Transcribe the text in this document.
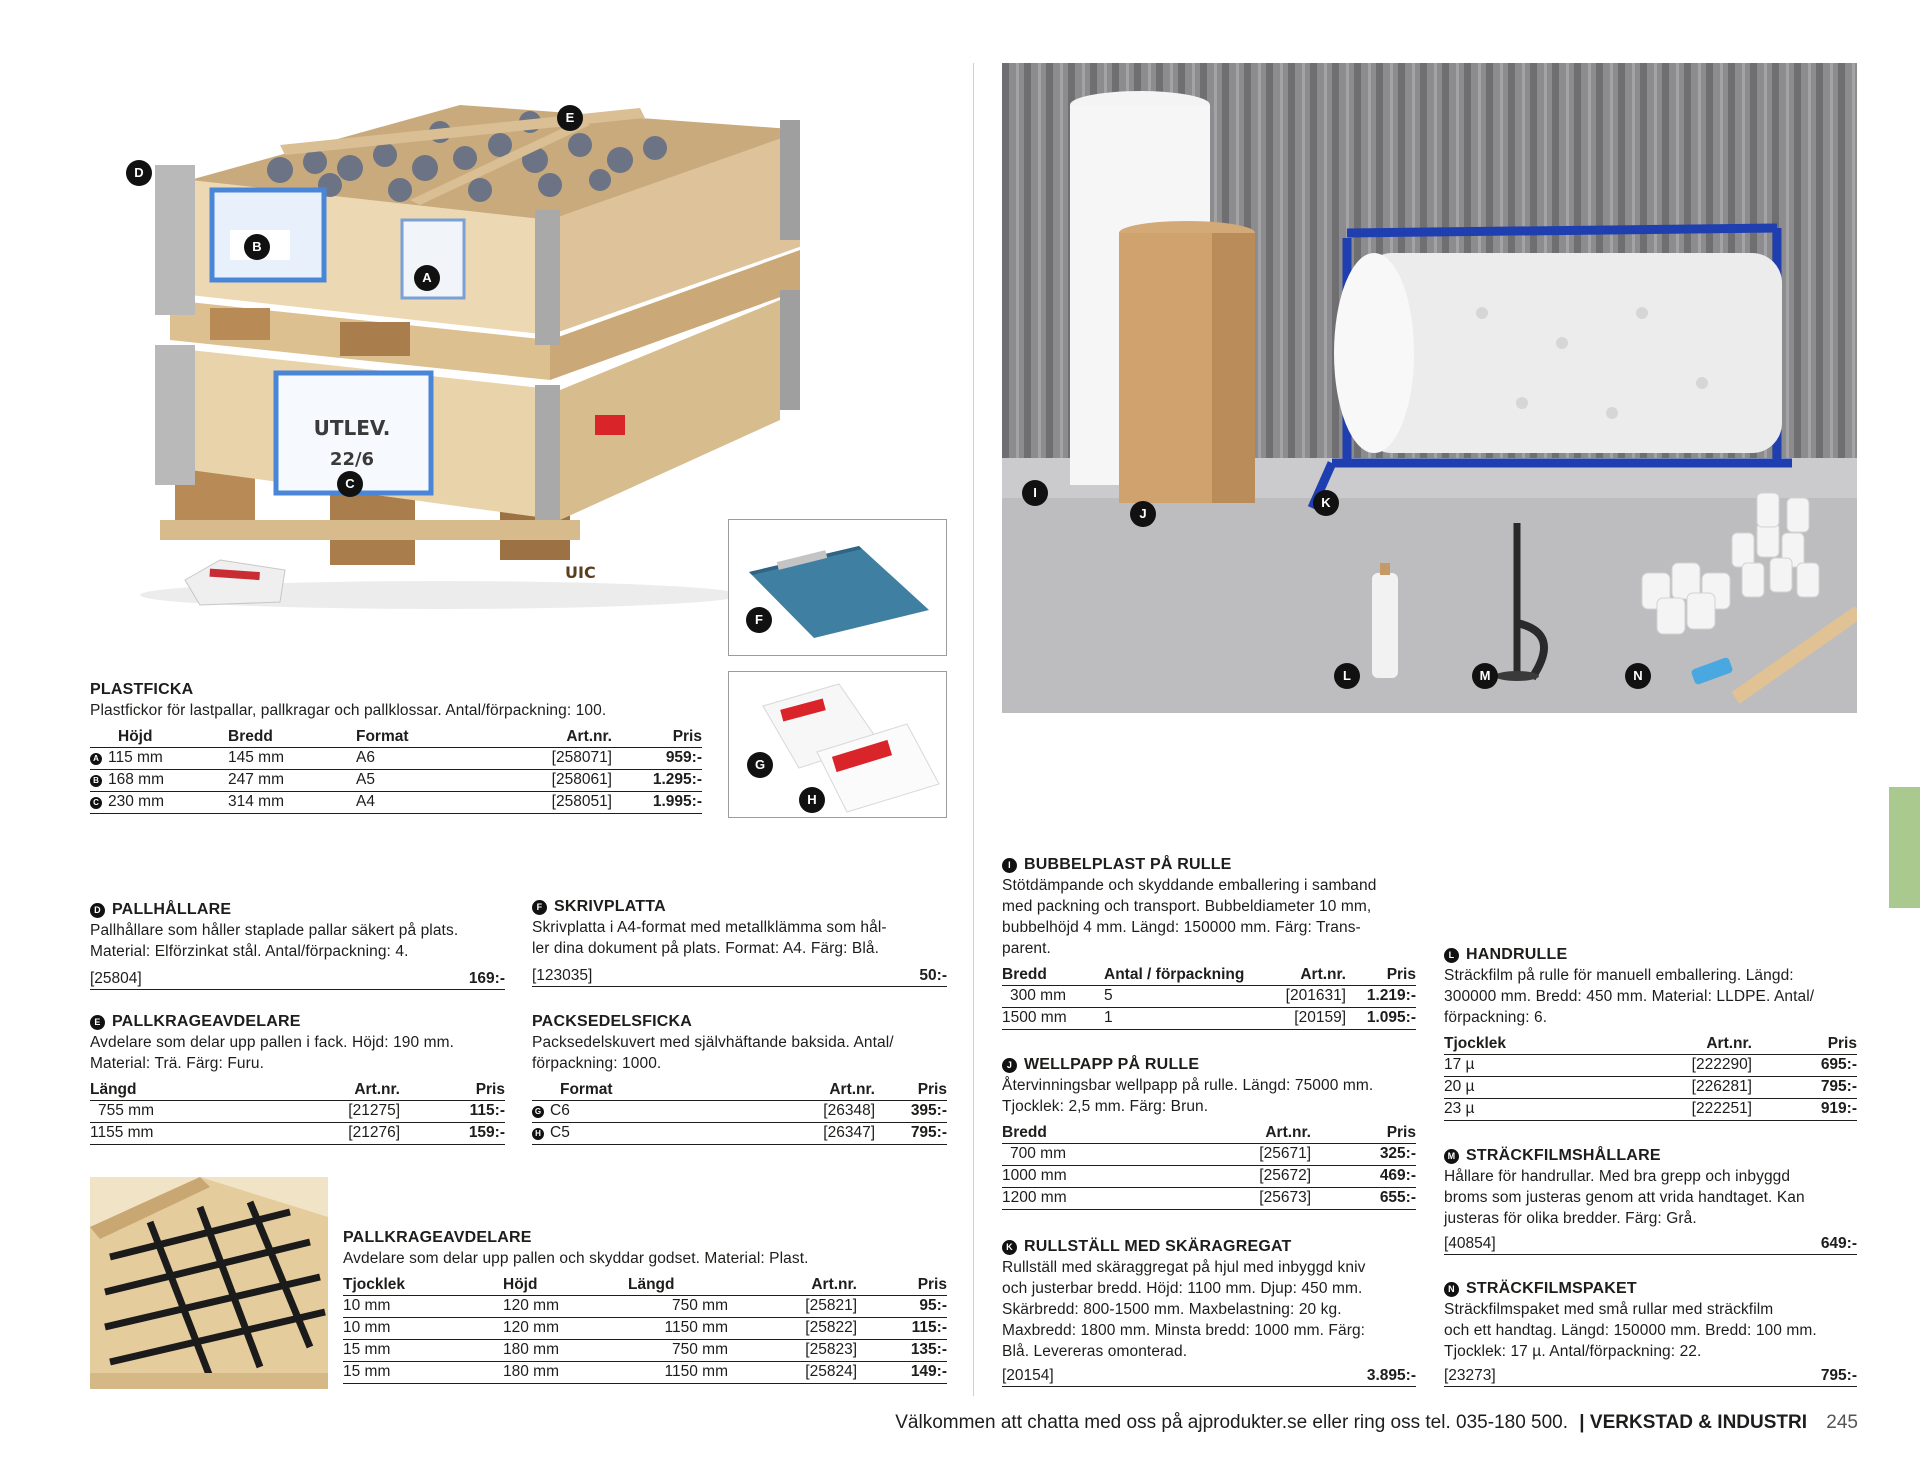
UTLEV.
22/6
UIC
D
E
B
A
C
F
G
H
PLASTFICKA
Plastfickor för lastpallar, pallkragar och pallklossar. Antal/förpackning: 100.
Höjd	Bredd	Format	Art.nr.	Pris
A 115 mm	145 mm	A6	[258071]	959:-
B 168 mm	247 mm	A5	[258061]	1.295:-
C 230 mm	314 mm	A4	[258051]	1.995:-
D PALLHÅLLARE
Pallhållare som håller staplade pallar säkert på plats.
Material: Elförzinkat stål. Antal/förpackning: 4.
[25804]	169:-
F SKRIVPLATTA
Skrivplatta i A4-format med metallklämma som hål-
ler dina dokument på plats. Format: A4. Färg: Blå.
[123035]	50:-
E PALLKRAGEAVDELARE
Avdelare som delar upp pallen i fack. Höjd: 190 mm.
Material: Trä. Färg: Furu.
Längd	Art.nr.	Pris
755 mm	[21275]	115:-
1155 mm	[21276]	159:-
PACKSEDELSFICKA
Packsedelskuvert med självhäftande baksida. Antal/
förpackning: 1000.
Format	Art.nr.	Pris
G C6	[26348]	395:-
H C5	[26347]	795:-
PALLKRAGEAVDELARE
Avdelare som delar upp pallen och skyddar godset. Material: Plast.
Tjocklek	Höjd	Längd	Art.nr.	Pris
10 mm	120 mm	750 mm	[25821]	95:-
10 mm	120 mm	1150 mm	[25822]	115:-
15 mm	180 mm	750 mm	[25823]	135:-
15 mm	180 mm	1150 mm	[25824]	149:-
I
J
K
L	M	N
I BUBBELPLAST PÅ RULLE
Stötdämpande och skyddande emballering i samband
med packning och transport. Bubbeldiameter 10 mm,
bubbelhöjd 4 mm. Längd: 150000 mm. Färg: Trans-
parent.
Bredd	Antal / förpackning	Art.nr.	Pris
300 mm	5	[201631]	1.219:-
1500 mm	1	[20159]	1.095:-
J WELLPAPP PÅ RULLE
Återvinningsbar wellpapp på rulle. Längd: 75000 mm.
Tjocklek: 2,5 mm. Färg: Brun.
Bredd	Art.nr.	Pris
700 mm	[25671]	325:-
1000 mm	[25672]	469:-
1200 mm	[25673]	655:-
K RULLSTÄLL MED SKÄRAGREGAT
Rullställ med skäraggregat på hjul med inbyggd kniv
och justerbar bredd. Höjd: 1100 mm. Djup: 450 mm.
Skärbredd: 800-1500 mm. Maxbelastning: 20 kg.
Maxbredd: 1800 mm. Minsta bredd: 1000 mm. Färg:
Blå. Levereras omonterad.
[20154]	3.895:-
L HANDRULLE
Sträckfilm på rulle för manuell emballering. Längd:
300000 mm. Bredd: 450 mm. Material: LLDPE. Antal/
förpackning: 6.
Tjocklek	Art.nr.	Pris
17 µ	[222290]	695:-
20 µ	[226281]	795:-
23 µ	[222251]	919:-
M STRÄCKFILMSHÅLLARE
Hållare för handrullar. Med bra grepp och inbyggd
broms som justeras genom att vrida handtaget. Kan
justeras för olika bredder. Färg: Grå.
[40854]	649:-
N STRÄCKFILMSPAKET
Sträckfilmspaket med små rullar med sträckfilm
och ett handtag. Längd: 150000 mm. Bredd: 100 mm.
Tjocklek: 17 µ. Antal/förpackning: 22.
[23273]	795:-
Välkommen att chatta med oss på ajprodukter.se eller ring oss tel. 035-180 500. | VERKSTAD & INDUSTRI 245
